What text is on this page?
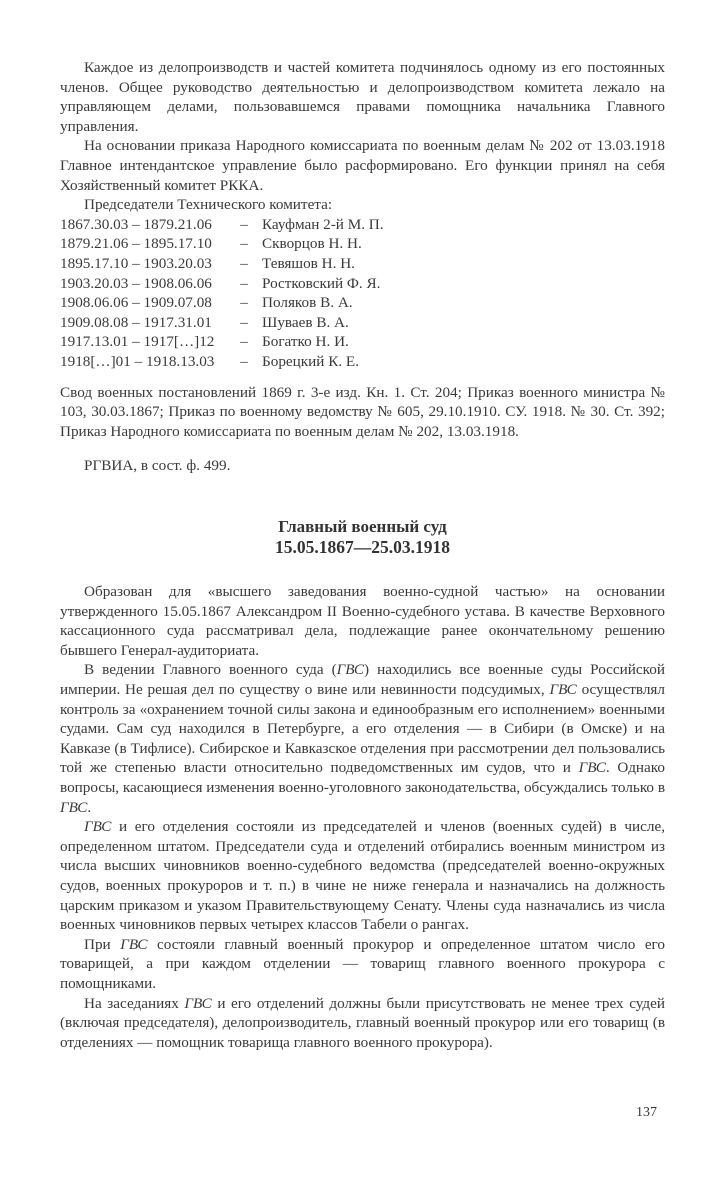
Каждое из делопроизводств и частей комитета подчинялось одному из его постоянных членов. Общее руководство деятельностью и делопроизводством комитета лежало на управляющем делами, пользовавшемся правами помощника начальника Главного управления.

На основании приказа Народного комиссариата по военным делам № 202 от 13.03.1918 Главное интендантское управление было расформировано. Его функции принял на себя Хозяйственный комитет РККА.

Председатели Технического комитета:

1867.30.03 – 1879.21.06	– Кауфман 2-й М. П.
1879.21.06 – 1895.17.10	– Скворцов Н. Н.
1895.17.10 – 1903.20.03	– Тевяшов Н. Н.
1903.20.03 – 1908.06.06	– Ростковский Ф. Я.
1908.06.06 – 1909.07.08	– Поляков В. А.
1909.08.08 – 1917.31.01	– Шуваев В. А.
1917.13.01 – 1917[…]12	– Богатко Н. И.
1918[…]01 – 1918.13.03	– Борецкий К. Е.

Свод военных постановлений 1869 г. 3-е изд. Кн. 1. Ст. 204; Приказ военного министра № 103, 30.03.1867; Приказ по военному ведомству № 605, 29.10.1910. СУ. 1918. № 30. Ст. 392; Приказ Народного комиссариата по военным делам № 202, 13.03.1918.

РГВИА, в сост. ф. 499.

Главный военный суд
15.05.1867—25.03.1918

Образован для «высшего заведования военно-судной частью» на основании утвержденного 15.05.1867 Александром II Военно-судебного устава. В качестве Верховного кассационного суда рассматривал дела, подлежащие ранее окончательному решению бывшего Генерал-аудиториата.

В ведении Главного военного суда (ГВС) находились все военные суды Российской империи. Не решая дел по существу о вине или невинности подсудимых, ГВС осуществлял контроль за «охранением точной силы закона и единообразным его исполнением» военными судами. Сам суд находился в Петербурге, а его отделения — в Сибири (в Омске) и на Кавказе (в Тифлисе). Сибирское и Кавказское отделения при рассмотрении дел пользовались той же степенью власти относительно подведомственных им судов, что и ГВС. Однако вопросы, касающиеся изменения военно-уголовного законодательства, обсуждались только в ГВС.

ГВС и его отделения состояли из председателей и членов (военных судей) в числе, определенном штатом. Председатели суда и отделений отбирались военным министром из числа высших чиновников военно-судебного ведомства (председателей военно-окружных судов, военных прокуроров и т. п.) в чине не ниже генерала и назначались на должность царским приказом и указом Правительствующему Сенату. Члены суда назначались из числа военных чиновников первых четырех классов Табели о рангах.

При ГВС состояли главный военный прокурор и определенное штатом число его товарищей, а при каждом отделении — товарищ главного военного прокурора с помощниками.

На заседаниях ГВС и его отделений должны были присутствовать не менее трех судей (включая председателя), делопроизводитель, главный военный прокурор или его товарищ (в отделениях — помощник товарища главного военного прокурора).

137
